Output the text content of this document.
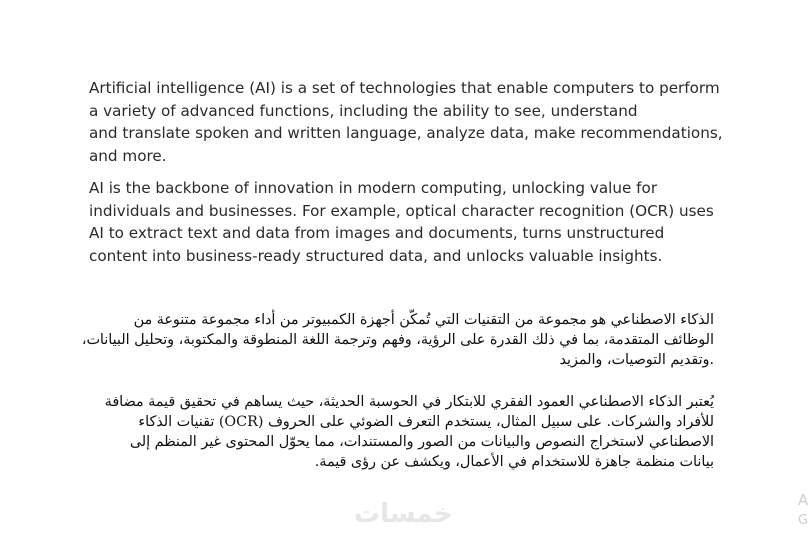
Artificial intelligence (AI) is a set of technologies that enable computers to perform
a variety of advanced functions, including the ability to see, understand
and translate spoken and written language, analyze data, make recommendations,
and more.

AI is the backbone of innovation in modern computing, unlocking value for
individuals and businesses. For example, optical character recognition (OCR) uses
AI to extract text and data from images and documents, turns unstructured
content into business-ready structured data, and unlocks valuable insights.

الذكاء الاصطناعي هو مجموعة من التقنيات التي تُمكّن أجهزة الكمبيوتر من أداء مجموعة متنوعة من
الوظائف المتقدمة، بما في ذلك القدرة على الرؤية، وفهم وترجمة اللغة المنطوقة والمكتوبة، وتحليل البيانات،
.وتقديم التوصيات، والمزيد

يُعتبر الذكاء الاصطناعي العمود الفقري للابتكار في الحوسبة الحديثة، حيث يساهم في تحقيق قيمة مضافة
للأفراد والشركات. على سبيل المثال، يستخدم التعرف الضوئي على الحروف (OCR) تقنيات الذكاء
الاصطناعي لاستخراج النصوص والبيانات من الصور والمستندات، مما يحوّل المحتوى غير المنظم إلى
بيانات منظمة جاهزة للاستخدام في الأعمال، ويكشف عن رؤى قيمة.

خمسات	A
G
